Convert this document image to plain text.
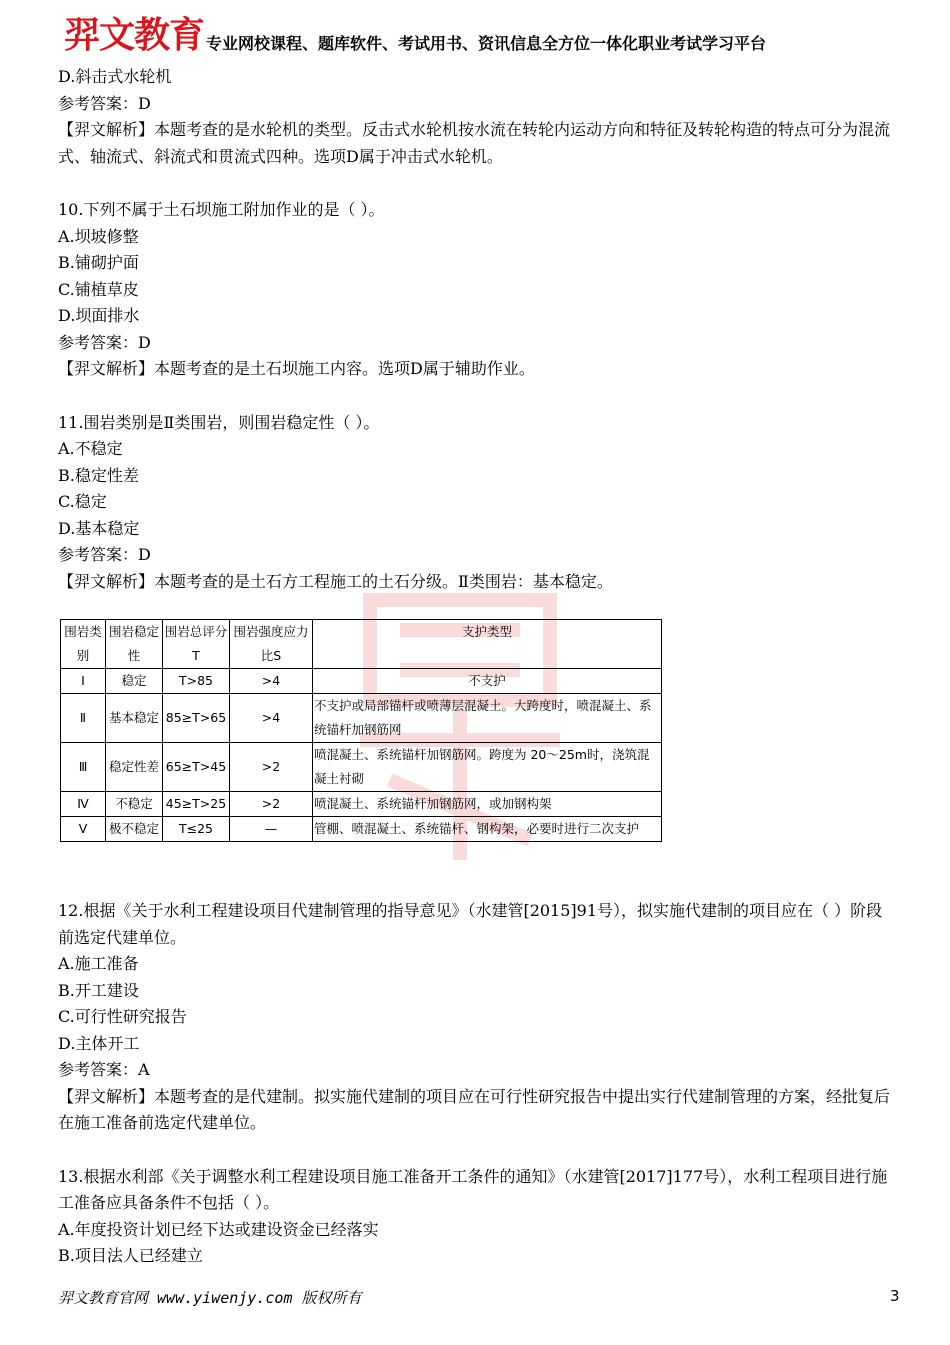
羿文教育 专业网校课程、题库软件、考试用书、资讯信息全方位一体化职业考试学习平台
D.斜击式水轮机
参考答案：D
【羿文解析】本题考查的是水轮机的类型。反击式水轮机按水流在转轮内运动方向和特征及转轮构造的特点可分为混流式、轴流式、斜流式和贯流式四种。选项D属于冲击式水轮机。
10.下列不属于土石坝施工附加作业的是（ ）。
A.坝坡修整
B.铺砌护面
C.铺植草皮
D.坝面排水
参考答案：D
【羿文解析】本题考查的是土石坝施工内容。选项D属于辅助作业。
11.围岩类别是Ⅱ类围岩，则围岩稳定性（ ）。
A.不稳定
B.稳定性差
C.稳定
D.基本稳定
参考答案：D
【羿文解析】本题考查的是土石方工程施工的土石分级。Ⅱ类围岩：基本稳定。
围岩类别	围岩稳定性	围岩总评分T	围岩强度应力比S	支护类型
Ⅰ	稳定	T>85	>4	不支护
Ⅱ	基本稳定	85≥T>65	>4	不支护或局部锚杆或喷薄层混凝土。大跨度时，喷混凝土、系统锚杆加钢筋网
Ⅲ	稳定性差	65≥T>45	>2	喷混凝土、系统锚杆加钢筋网。跨度为 20～25m时，浇筑混凝土衬砌
Ⅳ	不稳定	45≥T>25	>2	喷混凝土、系统锚杆加钢筋网，或加钢构架
Ⅴ	极不稳定	T≤25	—	管棚、喷混凝土、系统锚杆、钢构架，必要时进行二次支护
12.根据《关于水利工程建设项目代建制管理的指导意见》（水建管[2015]91号），拟实施代建制的项目应在（ ）阶段前选定代建单位。
A.施工准备
B.开工建设
C.可行性研究报告
D.主体开工
参考答案：A
【羿文解析】本题考查的是代建制。拟实施代建制的项目应在可行性研究报告中提出实行代建制管理的方案，经批复后在施工准备前选定代建单位。
13.根据水利部《关于调整水利工程建设项目施工准备开工条件的通知》（水建管[2017]177号），水利工程项目进行施工准备应具备条件不包括（ ）。
A.年度投资计划已经下达或建设资金已经落实
B.项目法人已经建立
羿文教育官网 www.yiwenjy.com 版权所有	3
